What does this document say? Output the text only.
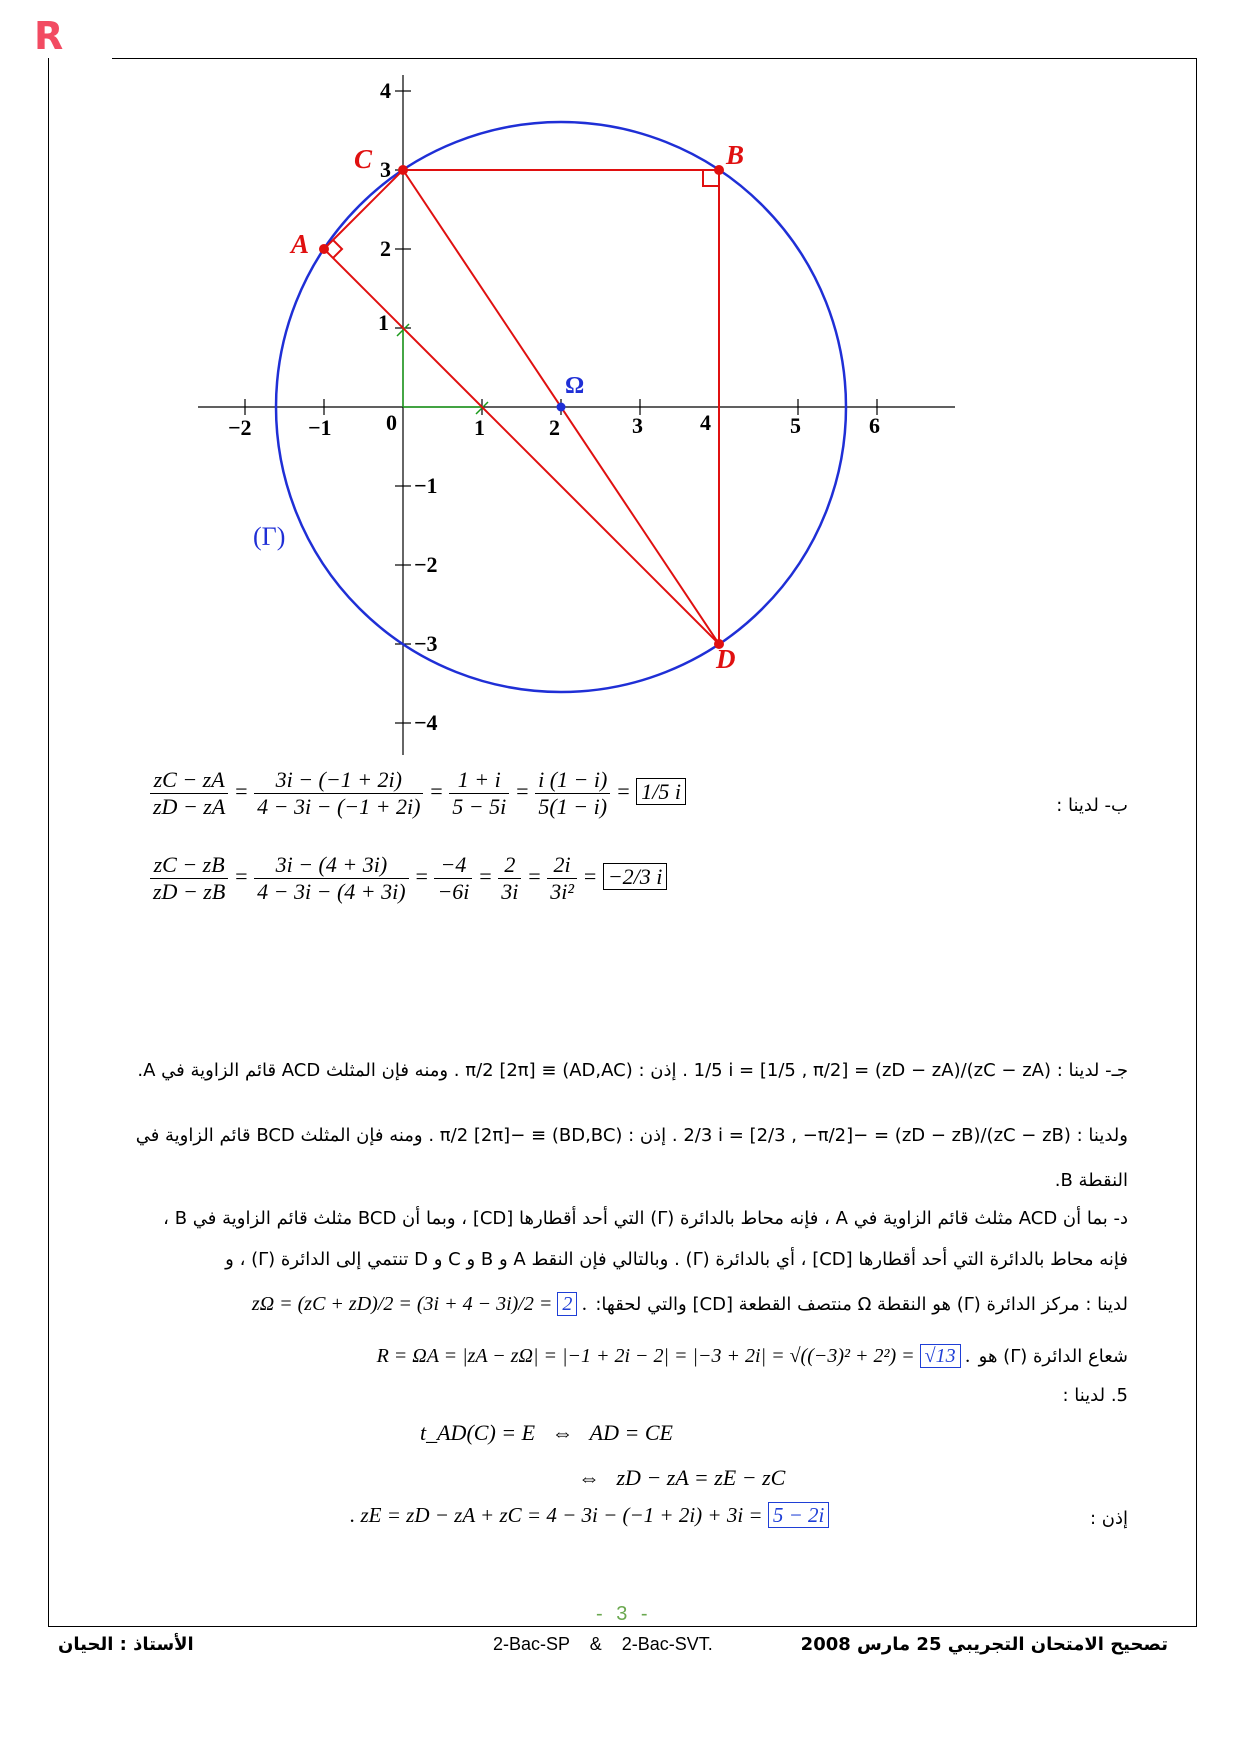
R
−2	−1 0	1	2	3	4	5	6
4
3
2
1
−1
−2
−3
−4
A
B
C
D
Ω
(Γ)
ب- لدينا :
$\frac{zC - zA}{zD - zA} = \frac{3i - (-1 + 2i)}{4 - 3i - (-1 + 2i)} = \frac{1 + i}{5 - 5i} = \frac{i (1 - i)}{5(1 - i)} = 1/5$ i
$\frac{zC - zB}{zD - zB} = \frac{3i - (4 + 3i)}{4 - 3i - (4 + 3i)} = \frac{-4}{-6i} = \frac{2}{3i} = \frac{2i}{\text{3i²}} = -2/3$ i
جـ- لدينا : (zC − zA)/(zD − zA) = 1/5 i = [1/5 , π/2] . إذن : (AD,AC) ≡ π/2 [2π] . ومنه فإن المثلث ACD قائم الزاوية في A.
ولدينا : (zC − zB)/(zD − zB) = −2/3 i = [2/3 , −π/2] . إذن : (BD,BC) ≡ −π/2 [2π] . ومنه فإن المثلث BCD قائم الزاوية في
النقطة B.
د- بما أن ACD مثلث قائم الزاوية في A ، فإنه محاط بالدائرة (Γ) التي أحد أقطارها [CD] ، وبما أن BCD مثلث قائم الزاوية في B ،
فإنه محاط بالدائرة التي أحد أقطارها [CD] ، أي بالدائرة (Γ) . وبالتالي فإن النقط A و B و C و D تنتمي إلى الدائرة (Γ) ، و
لدينا : مركز الدائرة (Γ) هو النقطة Ω منتصف القطعة [CD] والتي لحقها:
zΩ = (zC + zD)/2 = (3i + 4 − 3i)/2 = 2 .
شعاع الدائرة (Γ) هو
R = ΩA = |zA − zΩ| = |−1 + 2i − 2| = |−3 + 2i| = √((−3)² + 2²) = √13 .
5. لدينا :
t_AD(C) = E   ⇔   AD = CE
⇔   zD − zA = zE − zC
إذن :
. zE = zD − zA + zC = 4 − 3i − (−1 + 2i) + 3i = 5 − 2i
- 3 -
الأستاذ : الحيان	2-Bac-SP    &    2-Bac-SVT.	تصحيح الامتحان التجريبي 25 مارس 2008
